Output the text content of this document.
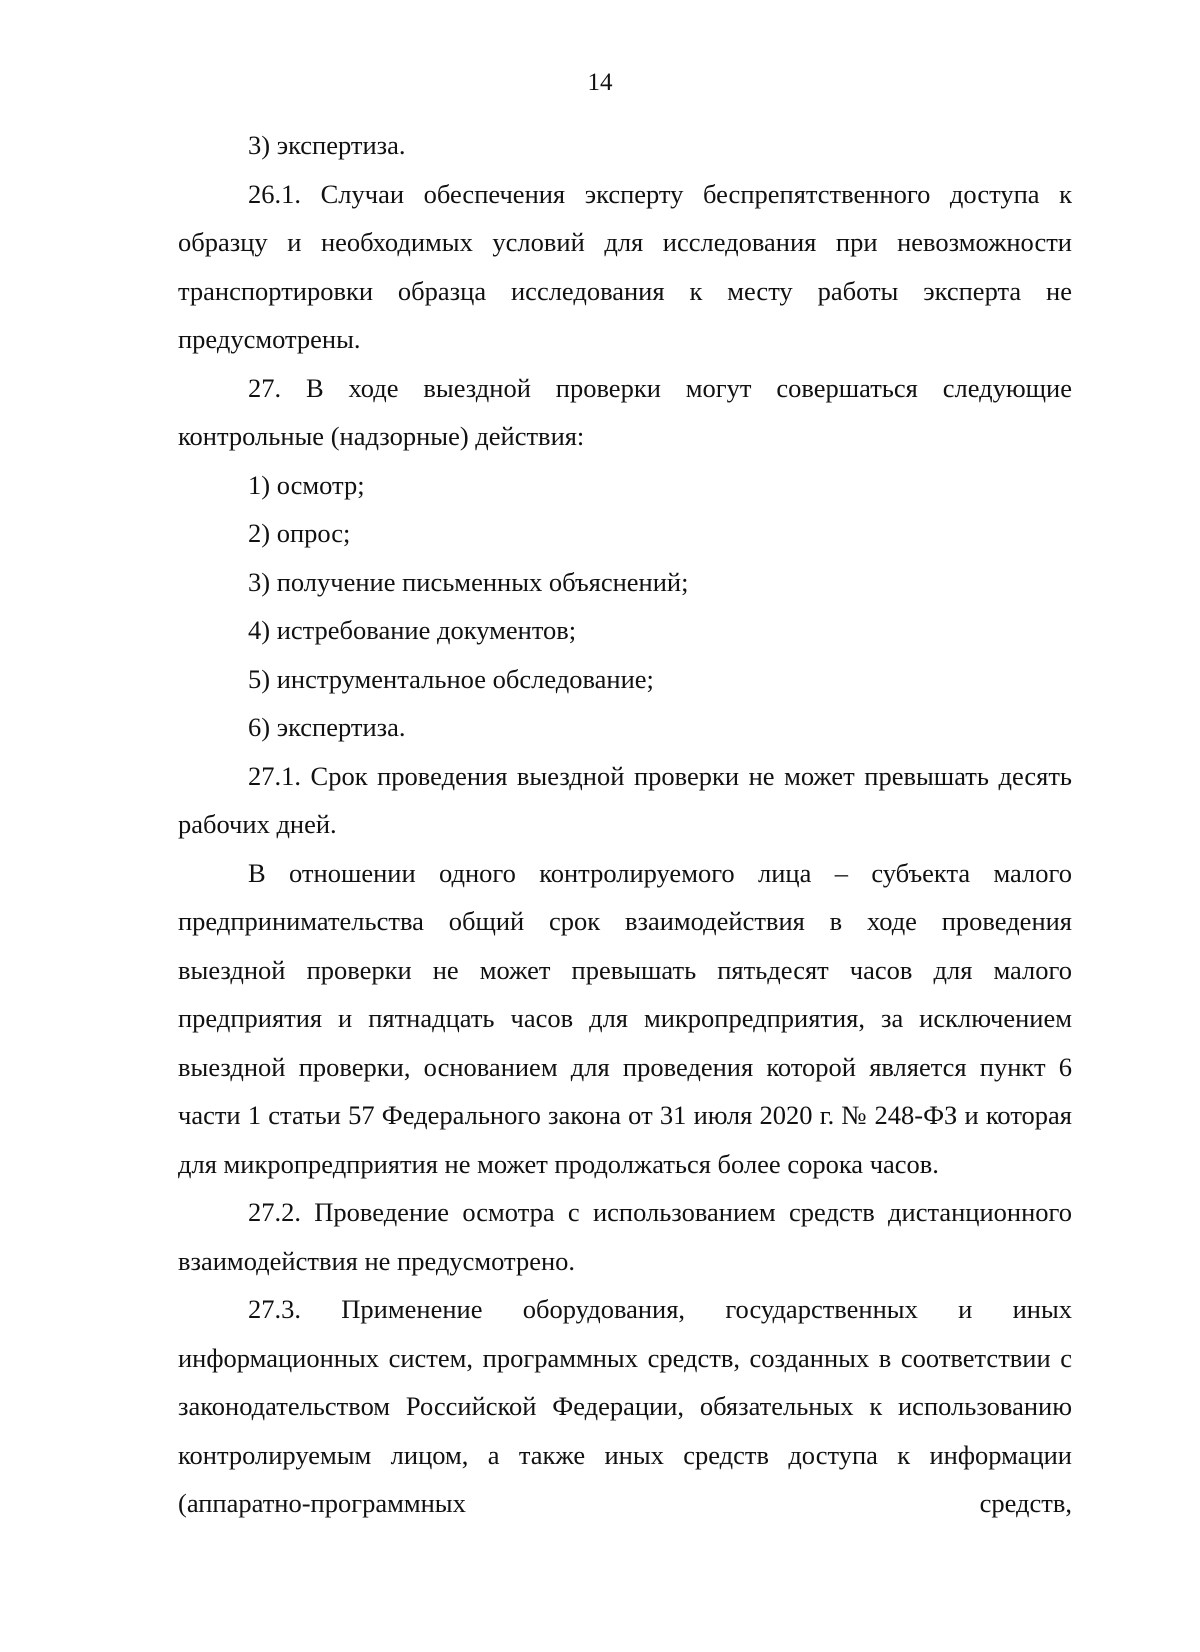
14

3) экспертиза.

26.1. Случаи обеспечения эксперту беспрепятственного доступа к образцу и необходимых условий для исследования при невозможности транспортировки образца исследования к месту работы эксперта не предусмотрены.

27. В ходе выездной проверки могут совершаться следующие контрольные (надзорные) действия:

1) осмотр;

2) опрос;

3) получение письменных объяснений;

4) истребование документов;

5) инструментальное обследование;

6) экспертиза.

27.1. Срок проведения выездной проверки не может превышать десять рабочих дней.

В отношении одного контролируемого лица – субъекта малого предпринимательства общий срок взаимодействия в ходе проведения выездной проверки не может превышать пятьдесят часов для малого предприятия и пятнадцать часов для микропредприятия, за исключением выездной проверки, основанием для проведения которой является пункт 6 части 1 статьи 57 Федерального закона от 31 июля 2020 г. № 248-ФЗ и которая для микропредприятия не может продолжаться более сорока часов.

27.2. Проведение осмотра с использованием средств дистанционного взаимодействия не предусмотрено.

27.3. Применение оборудования, государственных и иных информационных систем, программных средств, созданных в соответствии с законодательством Российской Федерации, обязательных к использованию контролируемым лицом, а также иных средств доступа к информации (аппаратно-программных средств,
